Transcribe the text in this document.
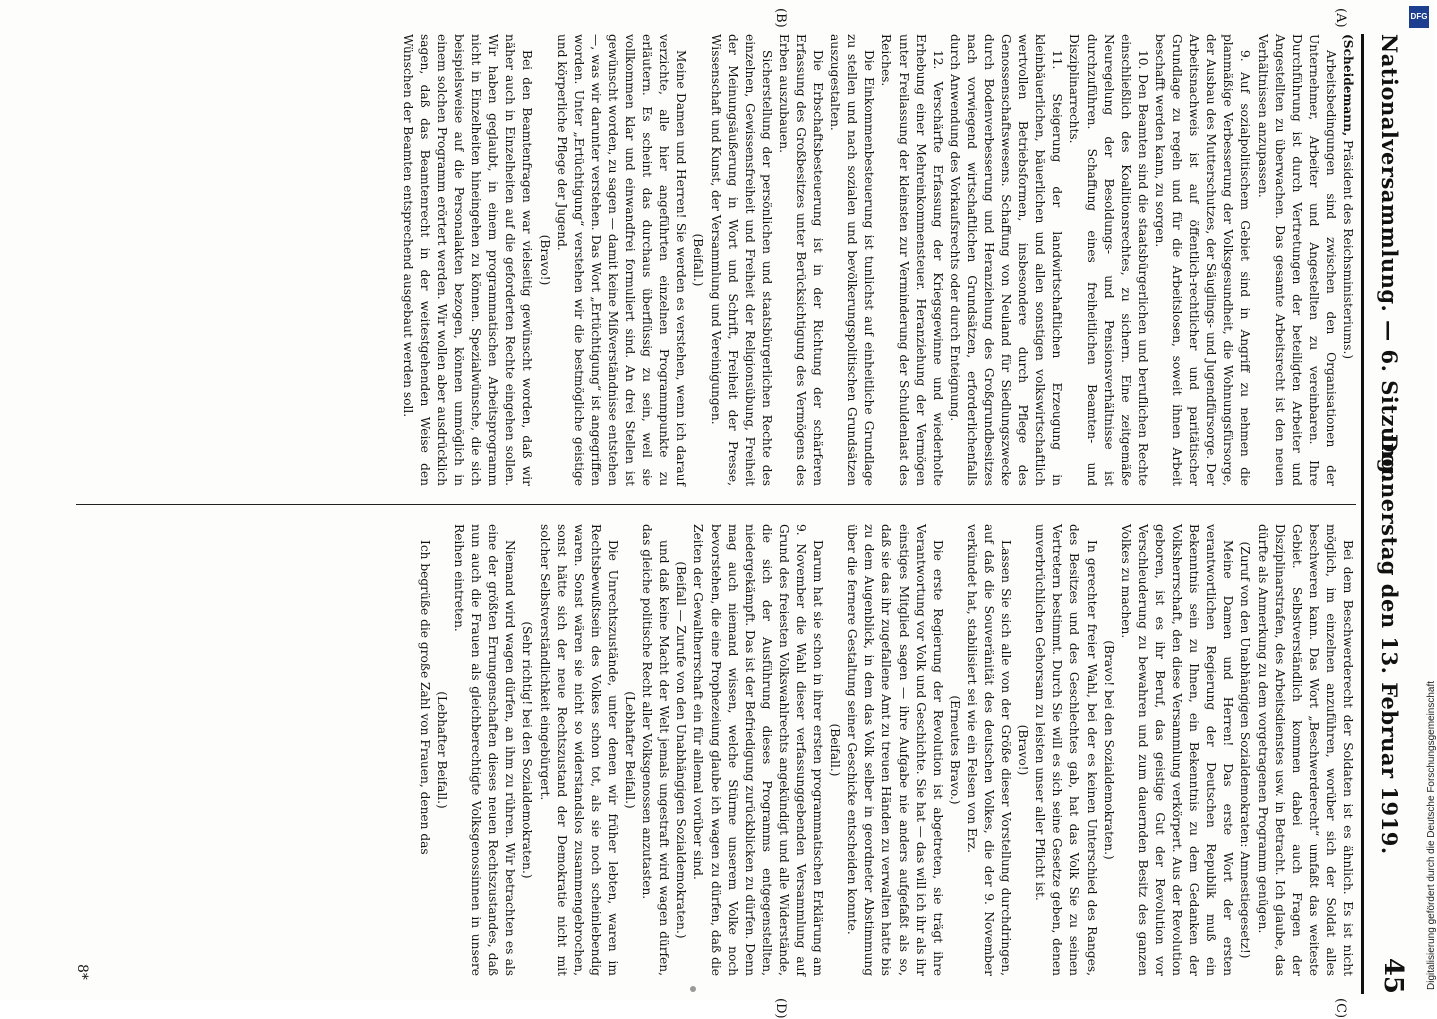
Nationalversammlung. — 6. Sitzung.
Donnerstag den 13. Februar 1919.
45
(A)
(B)
(C)
(D)

(Scheidemann, Präsident des Reichsministeriums.)

Arbeitsbedingungen sind zwischen den Organisationen der Unternehmer, Arbeiter und Angestellten zu vereinbaren. Ihre Durchführung ist durch Vertretungen der beteiligten Arbeiter und Angestellten zu überwachen. Das gesamte Arbeitsrecht ist den neuen Verhältnissen anzupassen.

9. Auf sozialpolitischem Gebiet sind in Angriff zu nehmen die planmäßige Verbesserung der Volksgesundheit, die Wohnungsfürsorge, der Ausbau des Mutterschutzes, der Säuglings- und Jugendfürsorge. Der Arbeitsnachweis ist auf öffentlich-rechtlicher und paritätischer Grundlage zu regeln und für die Arbeitslosen, soweit ihnen Arbeit beschafft werden kann, zu sorgen.

10. Den Beamten sind die staatsbürgerlichen und beruflichen Rechte einschließlich des Koalitionsrechtes, zu sichern. Eine zeitgemäße Neuregelung der Besoldungs- und Pensionsverhältnisse ist durchzuführen. Schaffung eines freiheitlichen Beamten- und Disziplinarrechts.

11. Steigerung der landwirtschaftlichen Erzeugung in kleinbäuerlichen, bäuerlichen und allen sonstigen volkswirtschaftlich wertvollen Betriebsformen, insbesondere durch Pflege des Genossenschaftswesens. Schaffung von Neuland für Siedlungszwecke durch Bodenverbesserung und Heranziehung des Großgrundbesitzes nach vorwiegend wirtschaftlichen Grundsätzen, erforderlichenfalls durch Anwendung des Vorkaufsrechts oder durch Enteignung.

12. Verschärfte Erfassung der Kriegsgewinne und wiederholte Erhebung einer Mehreinkommensteuer. Heranziehung der Vermögen unter Freilassung der kleinsten zur Verminderung der Schuldenlast des Reiches.

Die Einkommenbesteuerung ist tunlichst auf einheitliche Grundlage zu stellen und nach sozialen und bevölkerungspolitischen Grundsätzen auszugestalten.

Die Erbschaftsbesteuerung ist in der Richtung der schärferen Erfassung des Großbesitzes unter Berücksichtigung des Vermögens des Erben auszubauen.

Sicherstellung der persönlichen und staatsbürgerlichen Rechte des einzelnen, Gewissensfreiheit und Freiheit der Religionsübung, Freiheit der Meinungsäußerung in Wort und Schrift, Freiheit der Presse, Wissenschaft und Kunst, der Versammlung und Vereinigungen.

(Beifall.)

Meine Damen und Herren! Sie werden es verstehen, wenn ich darauf verzichte, alle hier angeführten einzelnen Programmpunkte zu erläutern. Es scheint das durchaus überflüssig zu sein, weil sie vollkommen klar und einwandfrei formuliert sind. An drei Stellen ist gewünscht worden, zu sagen — damit keine Mißverständnisse entstehen —, was wir darunter verstehen. Das Wort „Ertüchtigung“ ist angegriffen worden. Unter „Ertüchtigung“ verstehen wir die bestmögliche geistige und körperliche Pflege der Jugend.

(Bravo!)

Bei den Beamtenfragen war vielseitig gewünscht worden, daß wir näher auch in Einzelheiten auf die geforderten Rechte eingehen sollen. Wir haben geglaubt, in einem programmatischen Arbeitsprogramm nicht in Einzelheiten hineingehen zu können. Spezialwünsche, die sich beispielsweise auf die Personalakten bezogen, können unmöglich in einem solchen Programm erörtert werden. Wir wollen aber ausdrücklich sagen, daß das Beamtenrecht in der weitestgehenden Weise den Wünschen der Beamten entsprechend ausgebaut werden soll.

Bei dem Beschwerderecht der Soldaten ist es ähnlich. Es ist nicht möglich, im einzelnen anzuführen, worüber sich der Soldat alles beschweren kann. Das Wort „Beschwerderecht“ umfaßt das weiteste Gebiet. Selbstverständlich kommen dabei auch Fragen der Disziplinarstrafen, des Arbeitsdienstes usw. in Betracht. Ich glaube, das dürfte als Anmerkung zu dem vorgetragenen Programm genügen.

(Zuruf von den Unabhängigen Sozialdemokraten: Amnestiegesetz!)

Meine Damen und Herren! Das erste Wort der ersten verantwortlichen Regierung der Deutschen Republik muß ein Bekenntnis sein zu Ihnen, ein Bekenntnis zu dem Gedanken der Volksherrschaft, den diese Versammlung verkörpert. Aus der Revolution geboren, ist es ihr Beruf, das geistige Gut der Revolution vor Verschleuderung zu bewahren und zum dauernden Besitz des ganzen Volkes zu machen.

(Bravo! bei den Sozialdemokraten.)

In gerechter freier Wahl, bei der es keinen Unterschied des Ranges, des Besitzes und des Geschlechtes gab, hat das Volk Sie zu seinen Vertretern bestimmt. Durch Sie will es sich seine Gesetze geben, denen unverbrüchlichen Gehorsam zu leisten unser aller Pflicht ist.

(Bravo!)

Lassen Sie sich alle von der Größe dieser Vorstellung durchdringen, auf daß die Souveränität des deutschen Volkes, die der 9. November verkündet hat, stabilisiert sei wie ein Felsen von Erz.

(Erneutes Bravo.)

Die erste Regierung der Revolution ist abgetreten, sie trägt ihre Verantwortung vor Volk und Geschichte. Sie hat — das will ich ihr als ihr einstiges Mitglied sagen — ihre Aufgabe nie anders aufgefaßt als so, daß sie das ihr zugefallene Amt zu treuen Händen zu verwalten hatte bis zu dem Augenblick, in dem das Volk selber in geordneter Abstimmung über die fernere Gestaltung seiner Geschicke entscheiden konnte.

(Beifall.)

Darum hat sie schon in ihrer ersten programmatischen Erklärung am 9. November die Wahl dieser verfassunggebenden Versammlung auf Grund des freiesten Volkswahlrechts angekündigt und alle Widerstände, die sich der Ausführung dieses Programms entgegenstellten, niedergekämpft. Das ist der Befriedigung zurückblicken zu dürfen. Denn mag auch niemand wissen, welche Stürme unserem Volke noch bevorstehen, die eine Prophezeiung glaube ich wagen zu dürfen, daß die Zeiten der Gewaltherrschaft ein für allemal vorüber sind.

(Beifall — Zurufe von den Unabhängigen Sozialdemokraten.)

und daß keine Macht der Welt jemals ungestraft wird wagen dürfen, das gleiche politische Recht aller Volksgenossen anzutasten.

(Lebhafter Beifall.)

Die Unrechtszustände, unter denen wir früher lebten, waren im Rechtsbewußtsein des Volkes schon tot, als sie noch scheinlebendig waren. Sonst wären sie nicht so widerstandslos zusammengebrochen, sonst hätte sich der neue Rechtszustand der Demokratie nicht mit solcher Selbstverständlichkeit eingebürgert.

(Sehr richtig! bei den Sozialdemokraten.)

Niemand wird wagen dürfen, an ihm zu rühren. Wir betrachten es als eine der größten Errungenschaften dieses neuen Rechtszustandes, daß nun auch die Frauen als gleichberechtigte Volksgenossinnen in unsere Reihen eintreten.

(Lebhafter Beifall.)

Ich begrüße die große Zahl von Frauen, denen das

8*
DFG
Digitalisierung gefördert durch die Deutsche Forschungsgemeinschaft
